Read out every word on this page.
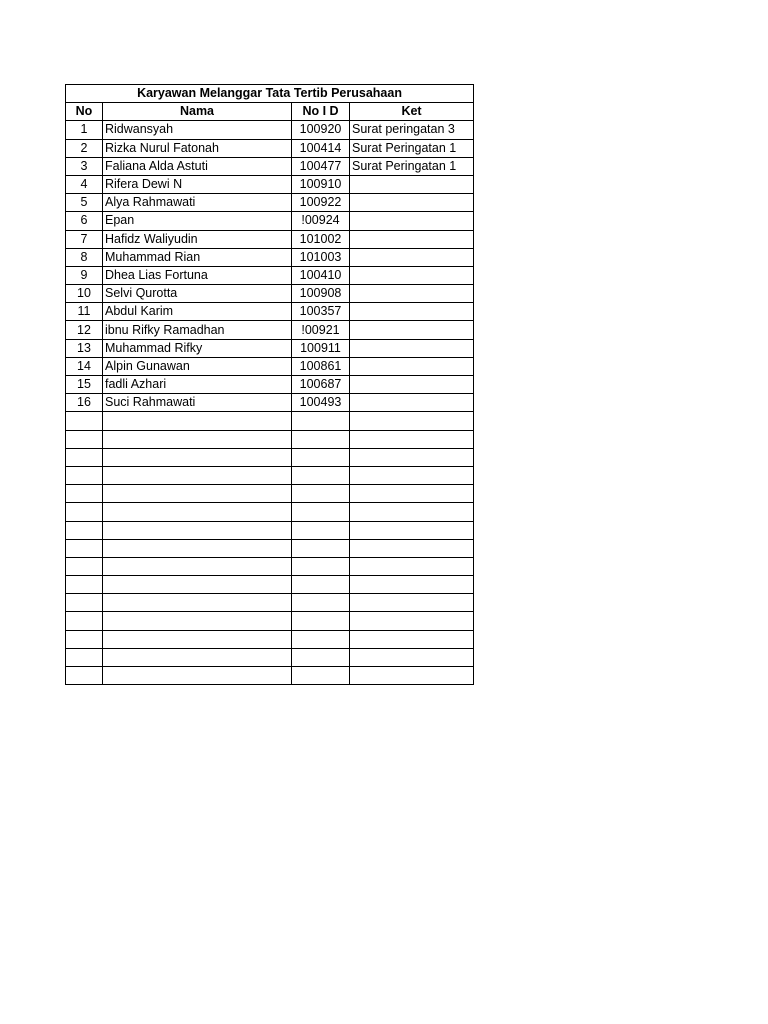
Karyawan Melanggar Tata Tertib Perusahaan			
No	Nama	No I D	Ket
1	Ridwansyah	100920	Surat peringatan 3
2	Rizka Nurul Fatonah	100414	Surat Peringatan 1
3	Faliana Alda Astuti	100477	Surat Peringatan 1
4	Rifera Dewi N	100910	
5	Alya Rahmawati	100922	
6	Epan	!00924	
7	Hafidz Waliyudin	101002	
8	Muhammad Rian	101003	
9	Dhea Lias Fortuna	100410	
10	Selvi Qurotta	100908	
11	Abdul Karim	100357	
12	ibnu Rifky Ramadhan	!00921	
13	Muhammad Rifky	100911	
14	Alpin Gunawan	100861	
15	fadli Azhari	100687	
16	Suci Rahmawati	100493	
